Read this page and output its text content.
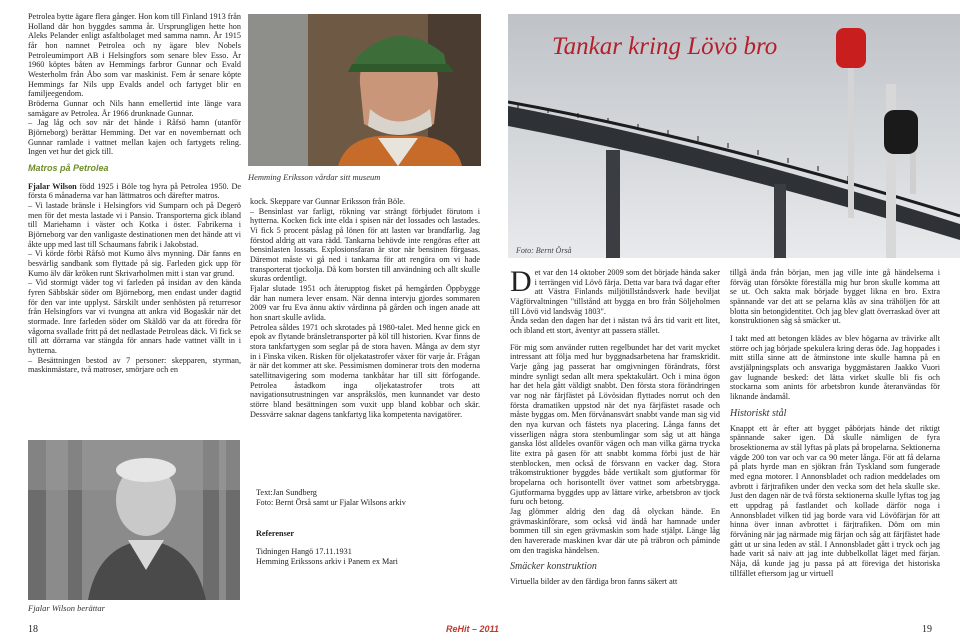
Petrolea bytte ägare flera gånger. Hon kom till Finland 1913 från Holland där hon byggdes samma år. Ursprungligen hette hon Aleks Pelander enligt asfaltbolaget med samma namn. År 1915 får hon namnet Petrolea och ny ägare blev Nobels Petroleumimport AB i Helsingfors som senare blev Esso. År 1960 köptes båten av Hemmings farbror Gunnar och Evald Westerholm från Åbo som var maskinist. Fem år senare köpte Hemmings far Nils upp Evalds andel och fartyget blir en familjeegendom.

Bröderna Gunnar och Nils hann emellertid inte länge vara samägare av Petrolea. År 1966 drunknade Gunnar.

– Jag låg och sov när det hände i Råfsö hamn (utanför Björneborg) berättar Hemming. Det var en novembernatt och Gunnar ramlade i vattnet mellan kajen och fartygets reling. Ingen vet hur det gick till.

Matros på Petrolea

Fjalar Wilson född 1925 i Böle tog hyra på Petrolea 1950. De första 6 månaderna var han lättmatros och därefter matros.

– Vi lastade bränsle i Helsingfors vid Sumparn och på Degerö men för det mesta lastade vi i Pansio. Transporterna gick ibland till Mariehamn i väster och Kotka i öster. Fabrikerna i Björneborg var den vanligaste destinationen men det hände att vi åkte upp med last till Schaumans fabrik i Jakobstad.

– Vi körde förbi Råfsö mot Kumo älvs mynning. Där fanns en besvärlig sandbank som flyttade på sig. Farleden gick upp för Kumo älv där kröken runt Skrivarholmen mitt i stan var grund.

– Vid stormigt väder tog vi farleden på insidan av den kända fyren Säbbskär söder om Björneborg, men endast under dagtid för den var inte upplyst. Särskilt under senhösten på returresor från Helsingfors var vi tvungna att ankra vid Bogaskär när det stormade. Inre farleden söder om Skäldö var da att föredra för vågorna svallade fritt på det nedlastade Petroleas däck. Vi fick se till att dörrarna var stängda för annars hade vattnet vällt in i hytterna.

– Besättningen bestod av 7 personer: skepparen, styrman, maskinmästare, två matroser, smörjare och en

Fjalar Wilson berättar
Hemming Eriksson vårdar sitt museum

kock. Skeppare var Gunnar Eriksson från Böle.

– Bensinlast var farligt, rökning var strängt förbjudet förutom i hytterna. Kocken fick inte elda i spisen när det lossades och lastades. Vi fick 5 procent påslag på lönen för att lasten var brandfarlig. Jag förstod aldrig att vara rädd. Tankarna behövde inte rengöras efter att bensinlasten lossats. Explosionsfaran är stor när bensinen förgasas. Däremot måste vi gå ned i tankarna för att rengöra om vi hade transporterat tjockolja. Då kom borsten till användning och allt skulle skuras ordentligt.

Fjalar slutade 1951 och återupptog fisket på hemgården Öppbygge där han numera lever ensam. När denna intervju gjordes sommaren 2009 var fru Eva ännu aktiv vårdinna på gården och ingen anade att hon snart skulle avlida.

Petrolea såldes 1971 och skrotades på 1980-talet. Med henne gick en epok av flytande bränsletransporter på köl till historien. Kvar finns de stora tankfartygen som seglar på de stora haven. Många av dem styr in i Finska viken. Risken för oljekatastrofer växer för varje år. Frågan är när det kommer att ske. Pessimismen dominerar trots den moderna satellitnavigering som moderna tankbåtar har till sitt förfogande. Petrolea åstadkom inga oljekatastrofer trots att navigationsutrustningen var anspråkslös, men kunnandet var desto större bland besättningen som vuxit upp bland kobbar och skär. Dessvärre saknar dagens tankfartyg lika kompetenta navigatörer.

Text:Jan Sundberg

Foto: Bernt Örså samt ur Fjalar Wilsons arkiv

Referenser

Tidningen Hangö 17.11.1931

Hemming Erikssons arkiv i Panem ex Mari

18
Tankar kring Lövö bro
Foto: Bernt Örså

Det var den 14 oktober 2009 som det började hända saker i terrängen vid Lövö färja. Detta var bara två dagar efter att Västra Finlands miljötillståndsverk hade beviljat Vägförvaltningen "tillstånd att bygga en bro från Söljeholmen till Lövö vid landsväg 1803".

Ända sedan den dagen har det i nästan två års tid varit ett litet, och ibland ett stort, äventyr att passera stället.

För mig som använder rutten regelbundet har det varit mycket intressant att följa med hur byggnadsarbetena har framskridit. Varje gång jag passerat har omgivningen förändrats, först mindre synligt sedan allt mera spektakulärt. Och i mina ögon har det hela gått väldigt snabbt. Den första stora förändringen var nog när färjfästet på Lövösidan flyttades norrut och den första dramatiken uppstod när det nya färjfästet rasade och måste byggas om. Men förvånansvärt snabbt vande man sig vid den nya kurvan och fästets nya placering. Långa fanns det visserligen några stora stenbumlingar som såg ut att hänga ganska löst alldeles ovanför vägen och man vilka gärna trycka lite extra på gasen för att snabbt komma förbi just de här stenblocken, men också de försvann en vacker dag. Stora tråkomstruktioner byggdes både vertikalt som gjutformar för bropelarna och horisontellt över vattnet som arbetsbrygga. Gjutformarna byggdes upp av lättare virke, arbetsbron av tjock furu och betong.

Jag glömmer aldrig den dag då olyckan hände. En grävmaskinförare, som också vid ändå har hamnade under bommen till sin egen grävmaskin som hade stjälpt. Länge låg den havererade maskinen kvar där ute på träbron och påminde om den tragiska händelsen.

Smäcker konstruktion

Virtuella bilder av den färdiga bron fanns säkert att

tillgå ända från början, men jag ville inte gå händelserna i förväg utan försökte föreställa mig hur bron skulle komma att se ut. Och sakta mak började bygget likna en bro. Extra spännande var det att se pelarna klås av sina trähöljen för att blotta sin betongidentitet. Och jag blev glatt överraskad över att konstruktionen såg så smäcker ut.

I takt med att betongen klädes av blev högarna av trävirke allt större och jag började spekulera kring deras öde. Jag hoppades i mitt stilla sinne att de åtminstone inte skulle hamna på en avstjälpningsplats och ansvariga byggmästaren Jaakko Vuori gav lugnande besked: det lätta virket skulle bli fis och stockarna som anints för arbetsbron kunde återanvändas för liknande ändamål.

Historiskt stål

Knappt ett år efter att bygget påbörjats hände det riktigt spännande saker igen. Då skulle nämligen de fyra brosektionerna av stål lyftas på plats på bropelarna. Sektionerna vägde 200 ton var och var ca 90 meter långa. För att få delarna på plats hyrde man en sjökran från Tyskland som fungerade med egna motorer. I Annonsbladet och radion meddelades om avbrott i färjtrafiken under den vecka som det hela skulle ske. Just den dagen när de två första sektionerna skulle lyftas tog jag ett uppdrag på fastlandet och kollade därför noga i Annonsbladet vilken tid jag borde vara vid Lövöfärjan för att hinna över innan avbrottet i färjtrafiken. Döm om min förvåning när jag närmade mig färjan och såg att färjfästet hade gått ut ur sina leden av stål. I Annonsbladet gått i tryck och jag hade varit så naiv att jag inte dubbelkollat läget med färjan. Nåja, då kunde jag ju passa på att föreviga det historiska tillfället eftersom jag ur virtuell

ReHit – 2011	19
